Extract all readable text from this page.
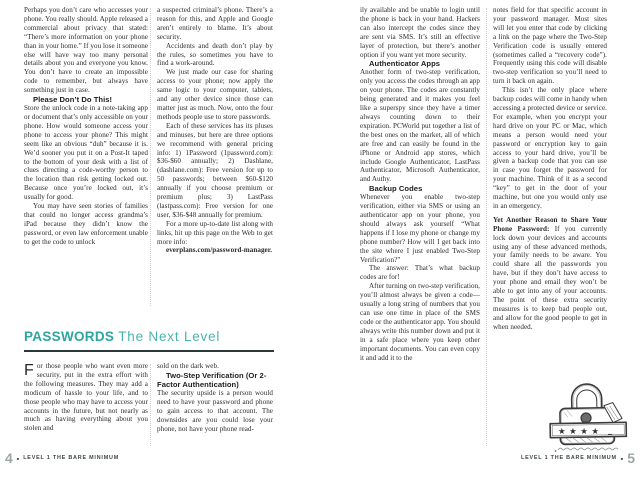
Perhaps you don’t care who accesses your phone. You really should. Apple released a commercial about privacy that stated: “There’s more information on your phone than in your home.” If you lose it someone else will have way too many personal details about you and everyone you know. You don’t have to create an impossible code to remember, but always have something just in case.

Please Don’t Do This!

Store the unlock code in a note-taking app or document that’s only accessible on your phone. How would someone access your phone to access your phone? This might seem like an obvious “duh” because it is. We’d sooner you put it on a Post-It taped to the bottom of your desk with a list of clues directing a code-worthy person to the location than risk getting locked out. Because once you’re locked out, it’s usually for good.

You may have seen stories of families that could no longer access grandma’s iPad because they didn’t know the password, or even law enforcement unable to get the code to unlock

a suspected criminal’s phone. There’s a reason for this, and Apple and Google aren’t entirely to blame. It’s about security.

Accidents and death don’t play by the rules, so sometimes you have to find a work-around.

We just made our case for sharing access to your phone; now apply the same logic to your computer, tablets, and any other device since those can matter just as much. Now, onto the four methods people use to store passwords.

Each of these services has its pluses and minuses, but here are three options we recommend with general pricing info: 1) 1Password (1password.com): $36-$60 annually; 2) Dashlane, (dashlane.com): Free version for up to 50 passwords; between $60-$120 annually if you choose premium or premium plus; 3) LastPass (lastpass.com): Free version for one user, $36-$48 annually for premium.

For a more up-to-date list along with links, hit up this page on the Web to get more info:

everplans.com/password-manager.

PASSWORDS The Next Level

For those people who want even more security, put in the extra effort with the following measures. They may add a modicum of hassle to your life, and to those people who may have to access your accounts in the future, but not nearly as much as having everything about you stolen and

sold on the dark web.

Two-Step Verification (Or 2-Factor Authentication)

The security upside is a person would need to have your password and phone to gain access to that account. The downsides are you could lose your phone, not have your phone read-

4 ■ LEVEL 1 THE BARE MINIMUM

ily available and be unable to login until the phone is back in your hand. Hackers can also intercept the codes since they are sent via SMS. It’s still an effective layer of protection, but there’s another option if you want yet more security.

Authenticator Apps

Another form of two-step verification, only you access the codes through an app on your phone. The codes are constantly being generated and it makes you feel like a superspy since they have a timer always counting down to their expiration. PCWorld put together a list of the best ones on the market, all of which are free and can easily be found in the iPhone or Android app stores, which include Google Authenticator, LastPass Authenticator, Microsoft Authenticator, and Authy.

Backup Codes

Whenever you enable two-step verification, either via SMS or using an authenticator app on your phone, you should always ask yourself “What happens if I lose my phone or change my phone number? How will I get back into the site where I just enabled Two-Step Verification?”

The answer: That’s what backup codes are for!

After turning on two-step verification, you’ll almost always be given a code—usually a long string of numbers that you can use one time in place of the SMS code or the authenticator app. You should always write this number down and put it in a safe place where you keep other important documents. You can even copy it and add it to the

notes field for that specific account in your password manager. Most sites will let you enter that code by clicking a link on the page where the Two-Step Verification code is usually entered (sometimes called a “recovery code”). Frequently using this code will disable two-step verification so you’ll need to turn it back on again.

This isn’t the only place where backup codes will come in handy when accessing a protected device or service. For example, when you encrypt your hard drive on your PC or Mac, which means a person would need your password or encryption key to gain access to your hard drive, you’ll be given a backup code that you can use in case you forget the password for your machine. Think of it as a second “key” to get in the door of your machine, but one you would only use in an emergency.

Yet Another Reason to Share Your Phone Password: If you currently lock down your devices and accounts using any of these advanced methods, your family needs to be aware. You could share all the passwords you have, but if they don’t have access to your phone and email they won’t be able to get into any of your accounts. The point of these extra security measures is to keep bad people out, and allow for the good people to get in when needed.

★★★★ _
LEVEL 1 THE BARE MINIMUM ■ 5
